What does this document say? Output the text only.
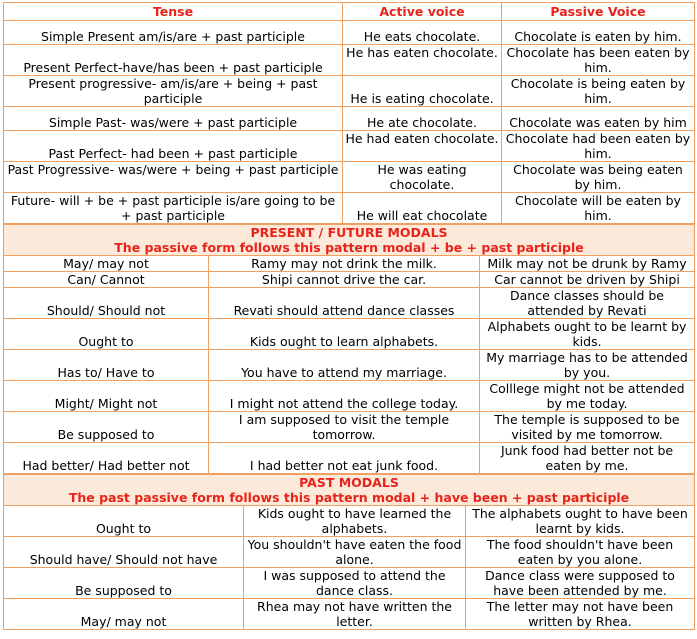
Tense	Active voice	Passive Voice
Simple Present am/is/are + past participle	He eats chocolate.	Chocolate is eaten by him.
Present Perfect-have/has been + past participle	He has eaten chocolate.	Chocolate has been eaten by him.
Present progressive- am/is/are + being + past participle	He is eating chocolate.	Chocolate is being eaten by him.
Simple Past- was/were + past participle	He ate chocolate.	Chocolate was eaten by him
Past Perfect- had been + past participle	He had eaten chocolate.	Chocolate had been eaten by him.
Past Progressive- was/were + being + past participle	He was eating chocolate.	Chocolate was being eaten by him.
Future- will + be + past participle is/are going to be + past participle	He will eat chocolate	Chocolate will be eaten by him.
PRESENT / FUTURE MODALS
The passive form follows this pattern modal + be + past participle		

May/ may not	Ramy may not drink the milk.	Milk may not be drunk by Ramy
Can/ Cannot	Shipi cannot drive the car.	Car cannot be driven by Shipi
Should/ Should not	Revati should attend dance classes	Dance classes should be attended by Revati
Ought to	Kids ought to learn alphabets.	Alphabets ought to be learnt by kids.
Has to/ Have to	You have to attend my marriage.	My marriage has to be attended by you.
Might/ Might not	I might not attend the college today.	Colllege might not be attended by me today.
Be supposed to	I am supposed to visit the temple tomorrow.	The temple is supposed to be visited by me tomorrow.
Had better/ Had better not	I had better not eat junk food.	Junk food had better not be eaten by me.
PAST MODALS
The past passive form follows this pattern modal + have been + past participle		

Ought to	Kids ought to have learned the alphabets.	The alphabets ought to have been learnt by kids.
Should have/ Should not have	You shouldn't have eaten the food alone.	The food shouldn't have been eaten by you alone.
Be supposed to	I was supposed to attend the dance class.	Dance class were supposed to have been attended by me.
May/ may not	Rhea may not have written the letter.	The letter may not have been written by Rhea.
